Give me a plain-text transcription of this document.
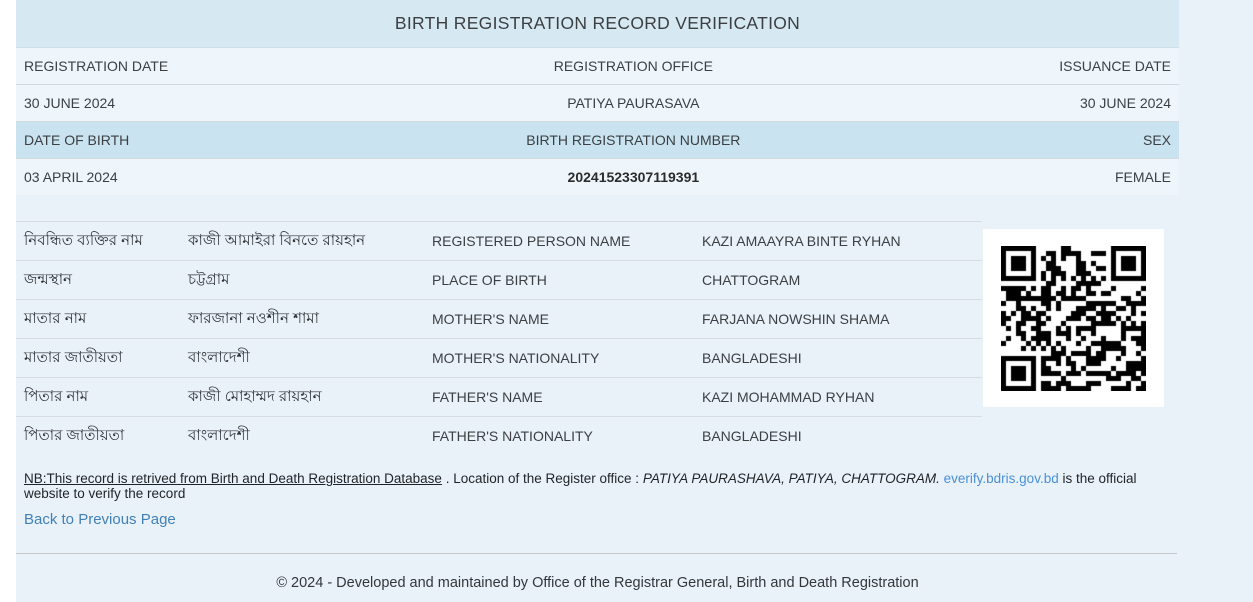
BIRTH REGISTRATION RECORD VERIFICATION
REGISTRATION DATE	REGISTRATION OFFICE	ISSUANCE DATE
30 JUNE 2024	PATIYA PAURASAVA	30 JUNE 2024
DATE OF BIRTH	BIRTH REGISTRATION NUMBER	SEX
03 APRIL 2024	20241523307119391	FEMALE
নিবন্ধিত ব্যক্তির নাম	কাজী আমাইরা বিনতে রায়হান	REGISTERED PERSON NAME	KAZI AMAAYRA BINTE RYHAN
জন্মস্থান	চট্টগ্রাম	PLACE OF BIRTH	CHATTOGRAM
মাতার নাম	ফারজানা নওশীন শামা	MOTHER'S NAME	FARJANA NOWSHIN SHAMA
মাতার জাতীয়তা	বাংলাদেশী	MOTHER'S NATIONALITY	BANGLADESHI
পিতার নাম	কাজী মোহাম্মদ রায়হান	FATHER'S NAME	KAZI MOHAMMAD RYHAN
পিতার জাতীয়তা	বাংলাদেশী	FATHER'S NATIONALITY	BANGLADESHI

NB:This record is retrived from Birth and Death Registration Database . Location of the Register office : PATIYA PAURASHAVA, PATIYA, CHATTOGRAM. everify.bdris.gov.bd is the official website to verify the record

Back to Previous Page
© 2024 - Developed and maintained by Office of the Registrar General, Birth and Death Registration
